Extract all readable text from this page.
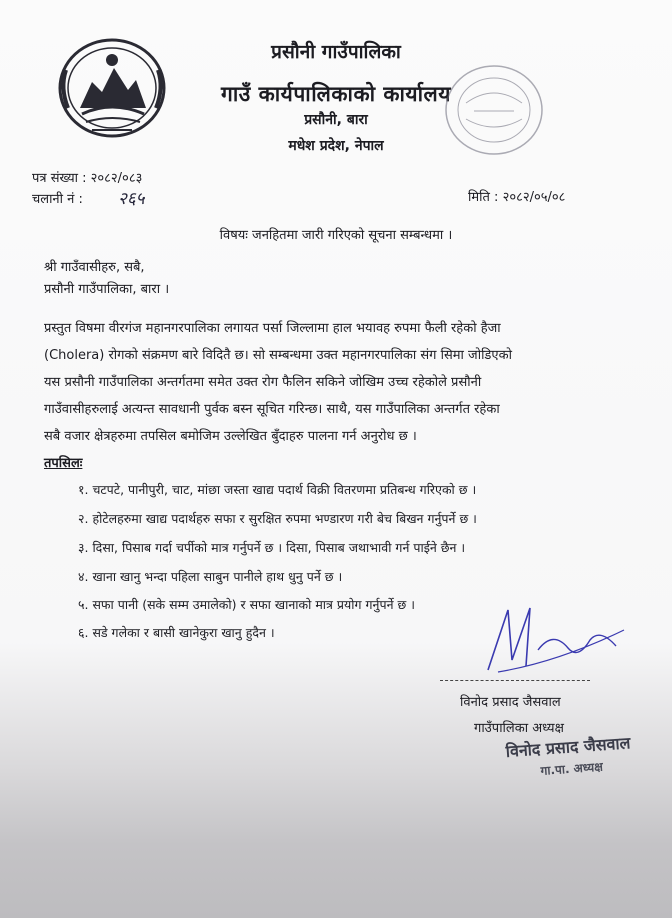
प्रसौनी गाउँपालिका
गाउँ कार्यपालिकाको कार्यालय
प्रसौनी, बारा
मधेश प्रदेश, नेपाल
पत्र संख्या : २०८२/०८३
चलानी नं : २६५	मिति : २०८२/०५/०८
विषयः जनहितमा जारी गरिएको सूचना सम्बन्धमा ।
श्री गाउँवासीहरु, सबै,
प्रसौनी गाउँपालिका, बारा ।
प्रस्तुत विषमा वीरगंज महानगरपालिका लगायत पर्सा जिल्लामा हाल भयावह रुपमा फैली रहेको हैजा
(Cholera) रोगको संक्रमण बारे विदितै छ। सो सम्बन्धमा उक्त महानगरपालिका संग सिमा जोडिएको
यस प्रसौनी गाउँपालिका अन्तर्गतमा समेत उक्त रोग फैलिन सकिने जोखिम उच्च रहेकोले प्रसौनी
गाउँवासीहरुलाई अत्यन्त सावधानी पुर्वक बस्न सूचित गरिन्छ। साथै, यस गाउँपालिका अन्तर्गत रहेका
सबै वजार क्षेत्रहरुमा तपसिल बमोजिम उल्लेखित बुँदाहरु पालना गर्न अनुरोध छ ।
तपसिलः
१. चटपटे, पानीपुरी, चाट, मांछा जस्ता खाद्य पदार्थ विक्री वितरणमा प्रतिबन्ध गरिएको छ ।
२. होटेलहरुमा खाद्य पदार्थहरु सफा र सुरक्षित रुपमा भण्डारण गरी बेच बिखन गर्नुपर्ने छ ।
३. दिसा, पिसाब गर्दा चर्पीको मात्र गर्नुपर्ने छ । दिसा, पिसाब जथाभावी गर्न पाईने छैन ।
४. खाना खानु भन्दा पहिला साबुन पानीले हाथ धुनु पर्ने छ ।
५. सफा पानी (सके सम्म उमालेको) र सफा खानाको मात्र प्रयोग गर्नुपर्ने छ ।
६. सडे गलेका र बासी खानेकुरा खानु हुदैन ।
विनोद प्रसाद जैसवाल
गाउँपालिका अध्यक्ष
विनोद प्रसाद जैसवाल
गा.पा. अध्यक्ष
